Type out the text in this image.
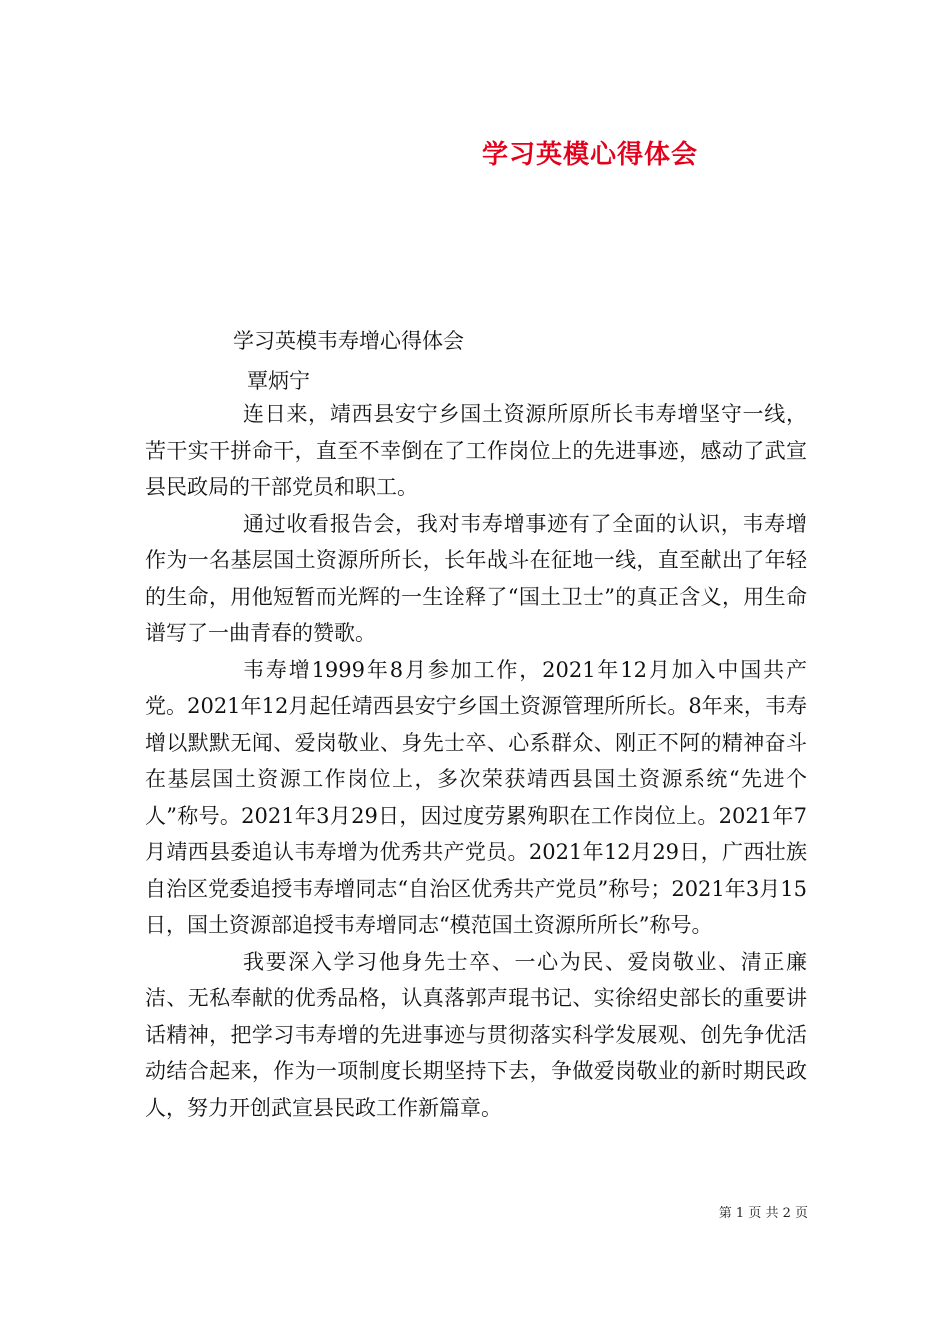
学习英模心得体会
学习英模韦寿增心得体会
覃炳宁

连日来，靖西县安宁乡国土资源所原所长韦寿增坚守一线，苦干实干拼命干，直至不幸倒在了工作岗位上的先进事迹，感动了武宣县民政局的干部党员和职工。

通过收看报告会，我对韦寿增事迹有了全面的认识，韦寿增作为一名基层国土资源所所长，长年战斗在征地一线，直至献出了年轻的生命，用他短暂而光辉的一生诠释了“国土卫士”的真正含义，用生命谱写了一曲青春的赞歌。

韦寿增1999年8月参加工作，2021年12月加入中国共产党。2021年12月起任靖西县安宁乡国土资源管理所所长。8年来，韦寿增以默默无闻、爱岗敬业、身先士卒、心系群众、刚正不阿的精神奋斗在基层国土资源工作岗位上，多次荣获靖西县国土资源系统“先进个人”称号。2021年3月29日，因过度劳累殉职在工作岗位上。2021年7月靖西县委追认韦寿增为优秀共产党员。2021年12月29日，广西壮族自治区党委追授韦寿增同志“自治区优秀共产党员”称号；2021年3月15日，国土资源部追授韦寿增同志“模范国土资源所所长”称号。

我要深入学习他身先士卒、一心为民、爱岗敬业、清正廉洁、无私奉献的优秀品格，认真落郭声琨书记、实徐绍史部长的重要讲话精神，把学习韦寿增的先进事迹与贯彻落实科学发展观、创先争优活动结合起来，作为一项制度长期坚持下去，争做爱岗敬业的新时期民政人，努力开创武宣县民政工作新篇章。

第 1 页 共 2 页
